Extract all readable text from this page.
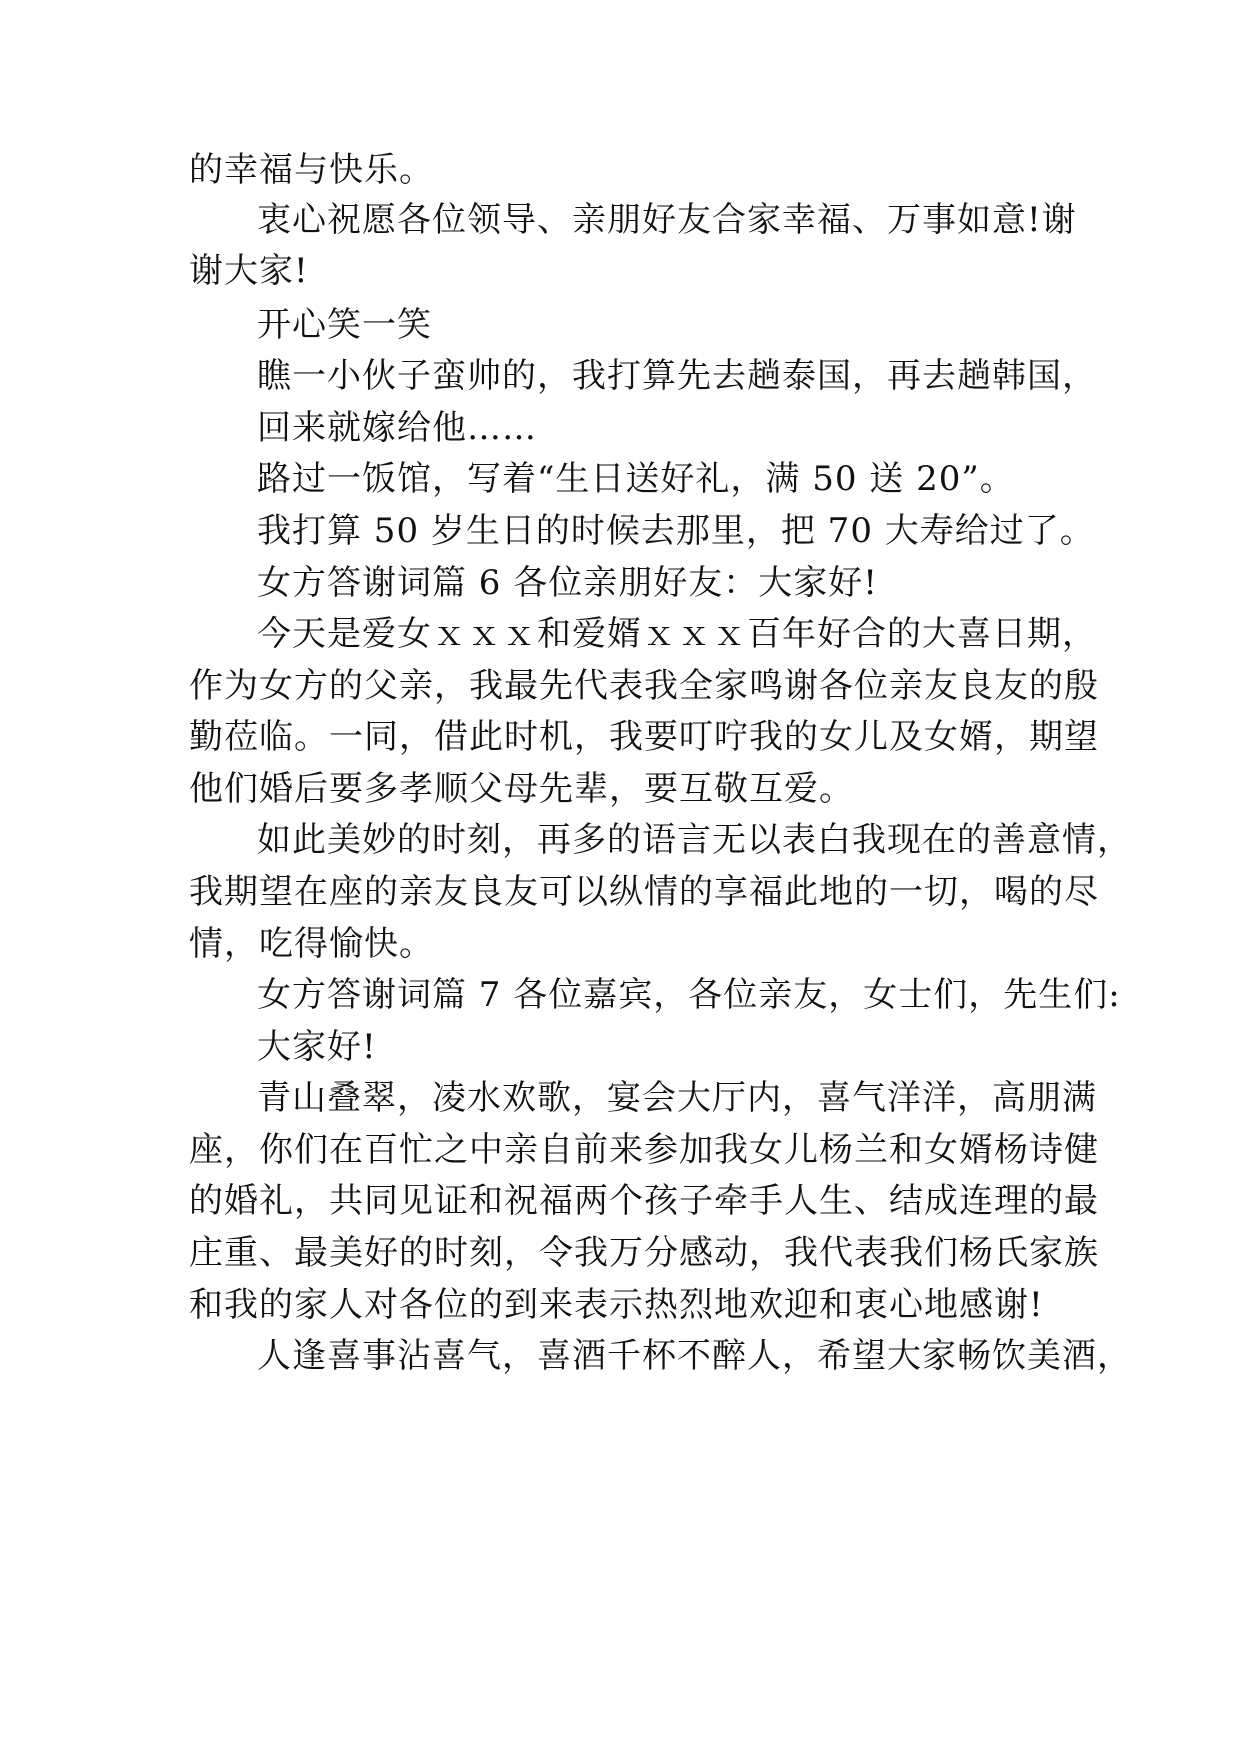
的幸福与快乐。
衷心祝愿各位领导、亲朋好友合家幸福、万事如意!谢
谢大家!
开心笑一笑
瞧一小伙子蛮帅的，我打算先去趟泰国，再去趟韩国，
回来就嫁给他……
路过一饭馆，写着“生日送好礼，满 50 送 20”。
我打算 50 岁生日的时候去那里，把 70 大寿给过了。
女方答谢词篇 6 各位亲朋好友：大家好!
今天是爱女ｘｘｘ和爱婿ｘｘｘ百年好合的大喜日期，
作为女方的父亲，我最先代表我全家鸣谢各位亲友良友的殷
勤莅临。一同，借此时机，我要叮咛我的女儿及女婿，期望
他们婚后要多孝顺父母先辈，要互敬互爱。
如此美妙的时刻，再多的语言无以表白我现在的善意情，
我期望在座的亲友良友可以纵情的享福此地的一切，喝的尽
情，吃得愉快。
女方答谢词篇 7 各位嘉宾，各位亲友，女士们，先生们:
大家好!
青山叠翠，凌水欢歌，宴会大厅内，喜气洋洋，高朋满
座，你们在百忙之中亲自前来参加我女儿杨兰和女婿杨诗健
的婚礼，共同见证和祝福两个孩子牵手人生、结成连理的最
庄重、最美好的时刻，令我万分感动，我代表我们杨氏家族
和我的家人对各位的到来表示热烈地欢迎和衷心地感谢!
人逢喜事沾喜气，喜酒千杯不醉人，希望大家畅饮美酒，
